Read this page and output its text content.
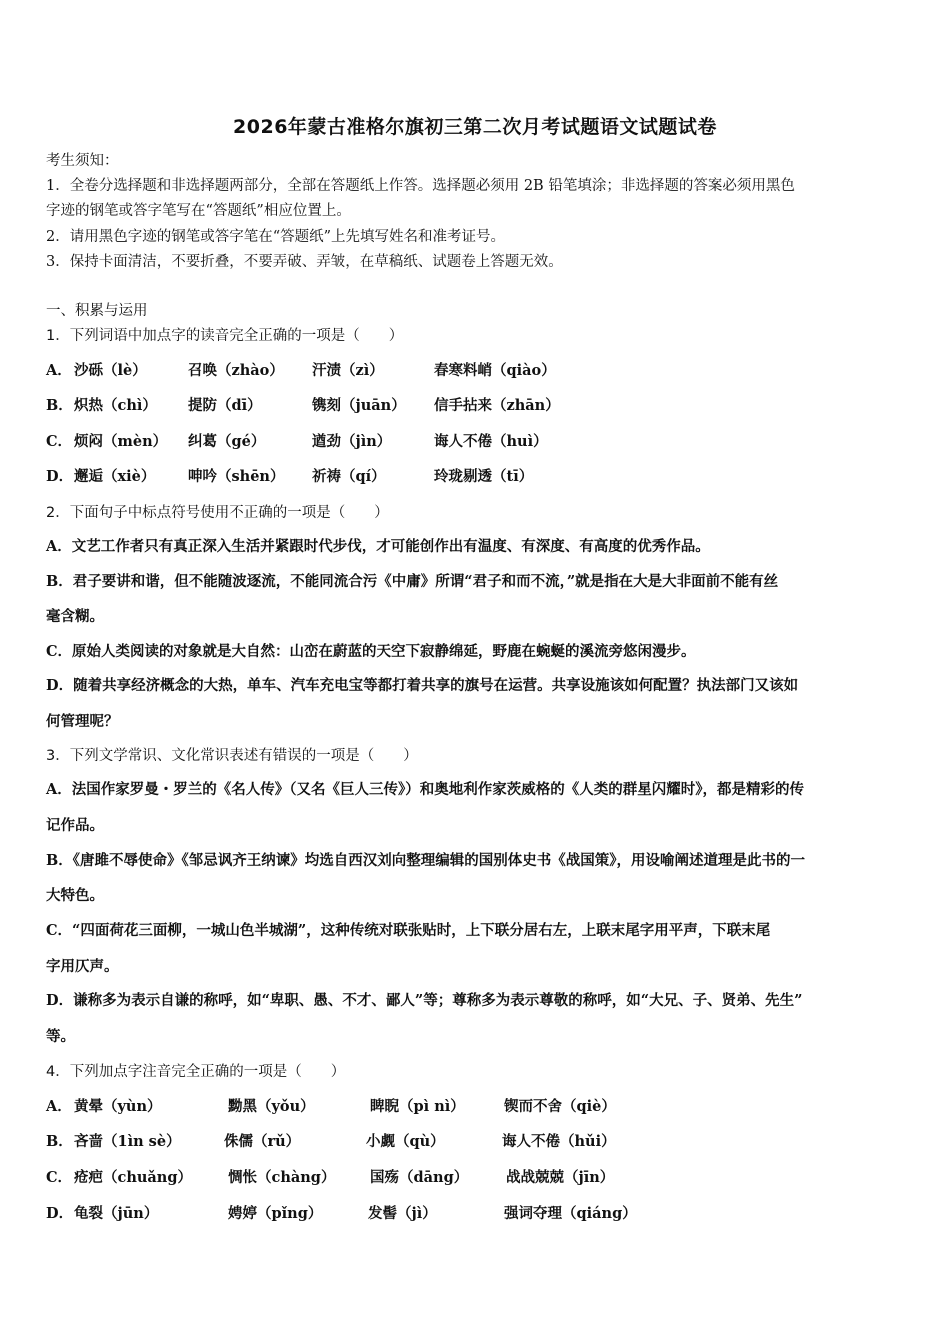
2026年蒙古准格尔旗初三第二次月考试题语文试题试卷
考生须知：
1．全卷分选择题和非选择题两部分，全部在答题纸上作答。选择题必须用 2B 铅笔填涂；非选择题的答案必须用黑色
字迹的钢笔或答字笔写在“答题纸”相应位置上。
2．请用黑色字迹的钢笔或答字笔在“答题纸”上先填写姓名和准考证号。
3．保持卡面清洁，不要折叠，不要弄破、弄皱，在草稿纸、试题卷上答题无效。
一、积累与运用
1．下列词语中加点字的读音完全正确的一项是（　　）
A． 沙砾（lè）	召唤（zhào） 汗渍（zì）	春寒料峭（qiào）
B． 炽热（chì） 提防（dī）	镌刻（juān） 信手拈来（zhān）
C． 烦闷（mèn） 纠葛（gé）	遒劲（jìn）	诲人不倦（huì）
D． 邂逅（xiè） 呻吟（shēn） 祈祷（qí）	玲珑剔透（tī）
2．下面句子中标点符号使用不正确的一项是（　　）
A．文艺工作者只有真正深入生活并紧跟时代步伐，才可能创作出有温度、有深度、有高度的优秀作品。
B．君子要讲和谐，但不能随波逐流，不能同流合污《中庸》所谓“君子和而不流，”就是指在大是大非面前不能有丝
毫含糊。
C．原始人类阅读的对象就是大自然：山峦在蔚蓝的天空下寂静绵延，野鹿在蜿蜒的溪流旁悠闲漫步。
D．随着共享经济概念的大热，单车、汽车充电宝等都打着共享的旗号在运营。共享设施该如何配置？执法部门又该如
何管理呢？
3．下列文学常识、文化常识表述有错误的一项是（　　）
A．法国作家罗曼・罗兰的《名人传》（又名《巨人三传》）和奥地利作家茨威格的《人类的群星闪耀时》，都是精彩的传
记作品。
B．《唐雎不辱使命》《邹忌讽齐王纳谏》均选自西汉刘向整理编辑的国别体史书《战国策》，用设喻阐述道理是此书的一
大特色。
C．“四面荷花三面柳，一城山色半城湖”，这种传统对联张贴时，上下联分居右左，上联末尾字用平声，下联末尾
字用仄声。
D．谦称多为表示自谦的称呼，如“卑职、愚、不才、鄙人”等；尊称多为表示尊敬的称呼，如“大兄、子、贤弟、先生”
等。
4．下列加点字注音完全正确的一项是（　　）
A． 黄晕（yùn）	黝黑（yǒu）	睥睨（pì nì）	锲而不舍（qiè）
B． 吝啬（1ìn sè）	侏儒（rǔ）	小觑（qù）	诲人不倦（hǔi）
C． 疮疤（chuǎng） 惆怅（chàng） 国殇（dāng）	战战兢兢（jīn）
D． 龟裂（jūn）	娉婷（pǐng）	发髻（jì）	强词夺理（qiáng）
